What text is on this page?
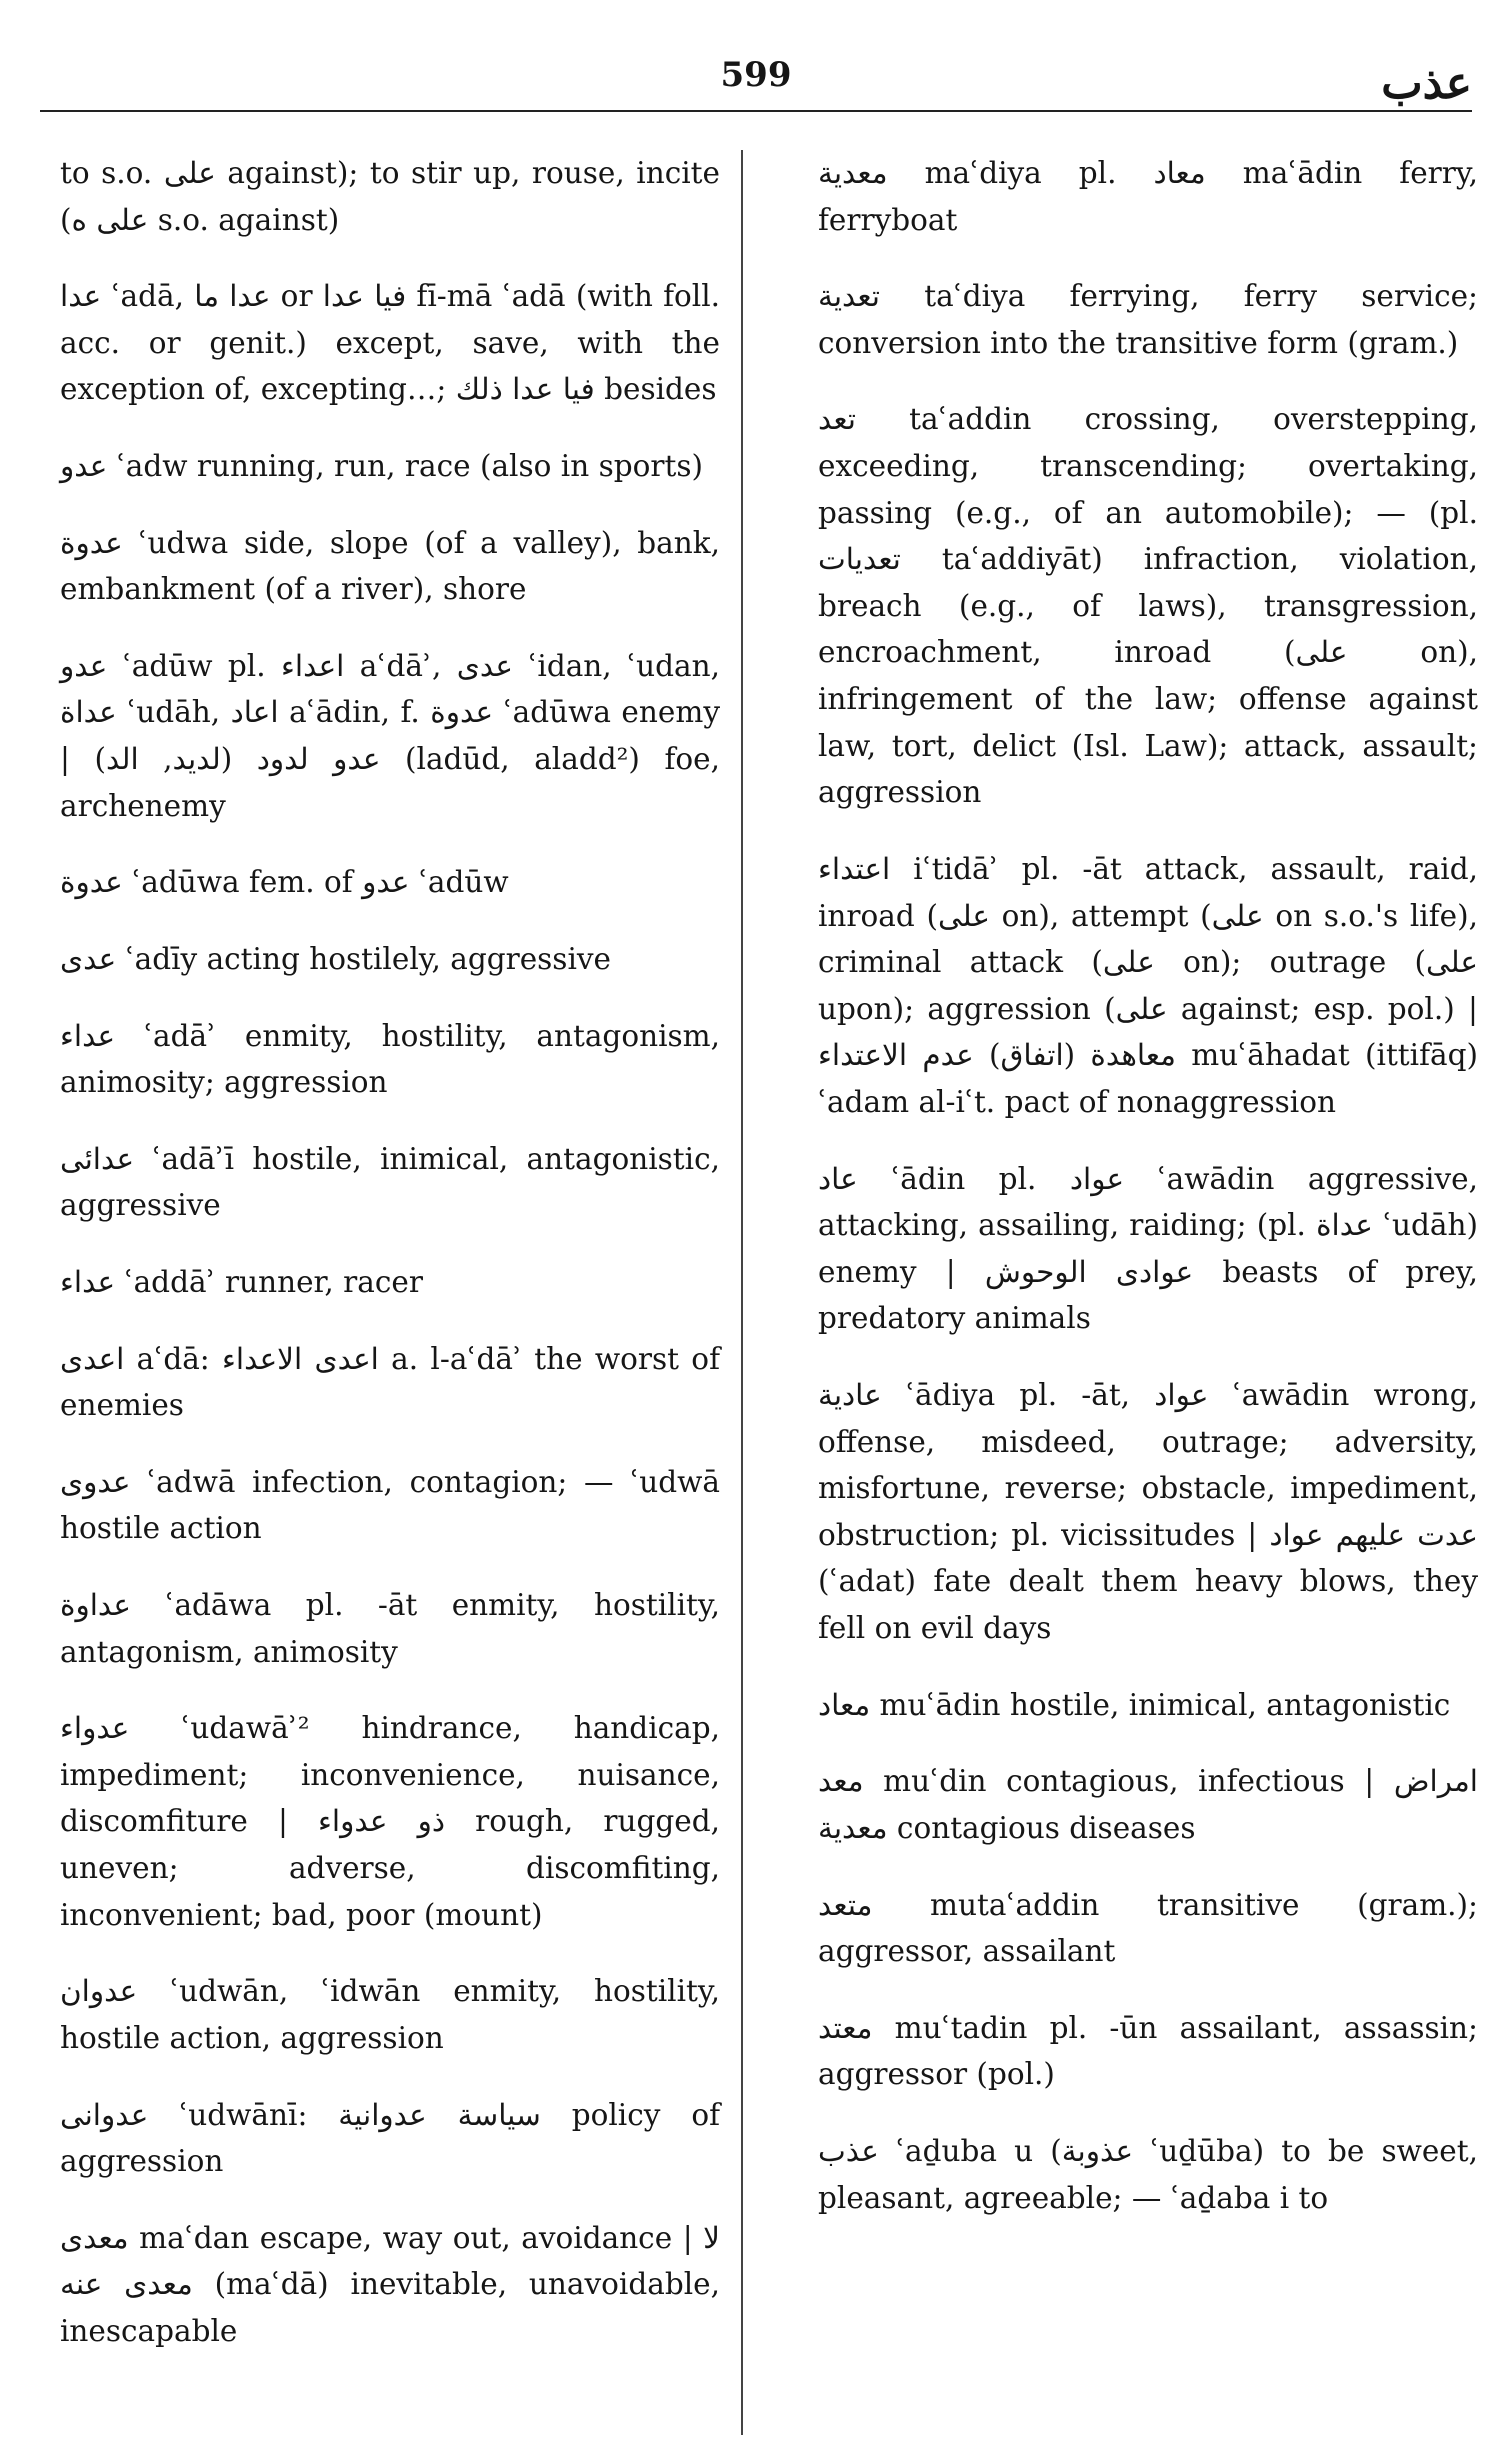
599	عذب

to s.o. على against); to stir up, rouse, incite (على ه s.o. against)

عدا ʿadā, عدا ما or فيا عدا fī-mā ʿadā (with foll. acc. or genit.) except, save, with the exception of, excepting…; فيا عدا ذلك besides

عدو ʿadw running, run, race (also in sports)

عدوة ʿudwa side, slope (of a valley), bank, embankment (of a river), shore

عدو ʿadūw pl. اعداء aʿdāʾ, عدى ʿidan, ʿudan, عداة ʿudāh, اعاد aʿādin, f. عدوة ʿadūwa enemy | عدو لدود (لديد, الد) (ladūd, aladd²) foe, archenemy

عدوة ʿadūwa fem. of عدو ʿadūw

عدى ʿadīy acting hostilely, aggressive

عداء ʿadāʾ enmity, hostility, antagonism, animosity; aggression

عدائى ʿadāʾī hostile, inimical, antagonistic, aggressive

عداء ʿaddāʾ runner, racer

اعدى aʿdā: اعدى الاعداء a. l-aʿdāʾ the worst of enemies

عدوى ʿadwā infection, contagion; — ʿudwā hostile action

عداوة ʿadāwa pl. -āt enmity, hostility, antagonism, animosity

عدواء ʿudawāʾ² hindrance, handicap, impediment; inconvenience, nuisance, discomfiture | ذو عدواء rough, rugged, uneven; adverse, discomfiting, inconvenient; bad, poor (mount)

عدوان ʿudwān, ʿidwān enmity, hostility, hostile action, aggression

عدوانى ʿudwānī: سياسة عدوانية policy of aggression

معدى maʿdan escape, way out, avoidance | لا معدى عنه (maʿdā) inevitable, unavoidable, inescapable

معدية maʿdiya pl. معاد maʿādin ferry, ferryboat

تعدية taʿdiya ferrying, ferry service; conversion into the transitive form (gram.)

تعد taʿaddin crossing, overstepping, exceeding, transcending; overtaking, passing (e.g., of an automobile); — (pl. تعديات taʿaddiyāt) infraction, violation, breach (e.g., of laws), transgression, encroachment, inroad (على on), infringement of the law; offense against law, tort, delict (Isl. Law); attack, assault; aggression

اعتداء iʿtidāʾ pl. -āt attack, assault, raid, inroad (على on), attempt (على on s.o.'s life), criminal attack (على on); outrage (على upon); aggression (على against; esp. pol.) | معاهدة (اتفاق) عدم الاعتداء muʿāhadat (ittifāq) ʿadam al-iʿt. pact of nonaggression

عاد ʿādin pl. عواد ʿawādin aggressive, attacking, assailing, raiding; (pl. عداة ʿudāh) enemy | عوادى الوحوش beasts of prey, predatory animals

عادية ʿādiya pl. -āt, عواد ʿawādin wrong, offense, misdeed, outrage; adversity, misfortune, reverse; obstacle, impediment, obstruction; pl. vicissitudes | عدت عليهم عواد (ʿadat) fate dealt them heavy blows, they fell on evil days

معاد muʿādin hostile, inimical, antagonistic

معد muʿdin contagious, infectious | امراض معدية contagious diseases

متعد mutaʿaddin transitive (gram.); aggressor, assailant

معتد muʿtadin pl. -ūn assailant, assassin; aggressor (pol.)

عذب ʿaḏuba u (عذوبة ʿuḏūba) to be sweet, pleasant, agreeable; — ʿaḏaba i to
